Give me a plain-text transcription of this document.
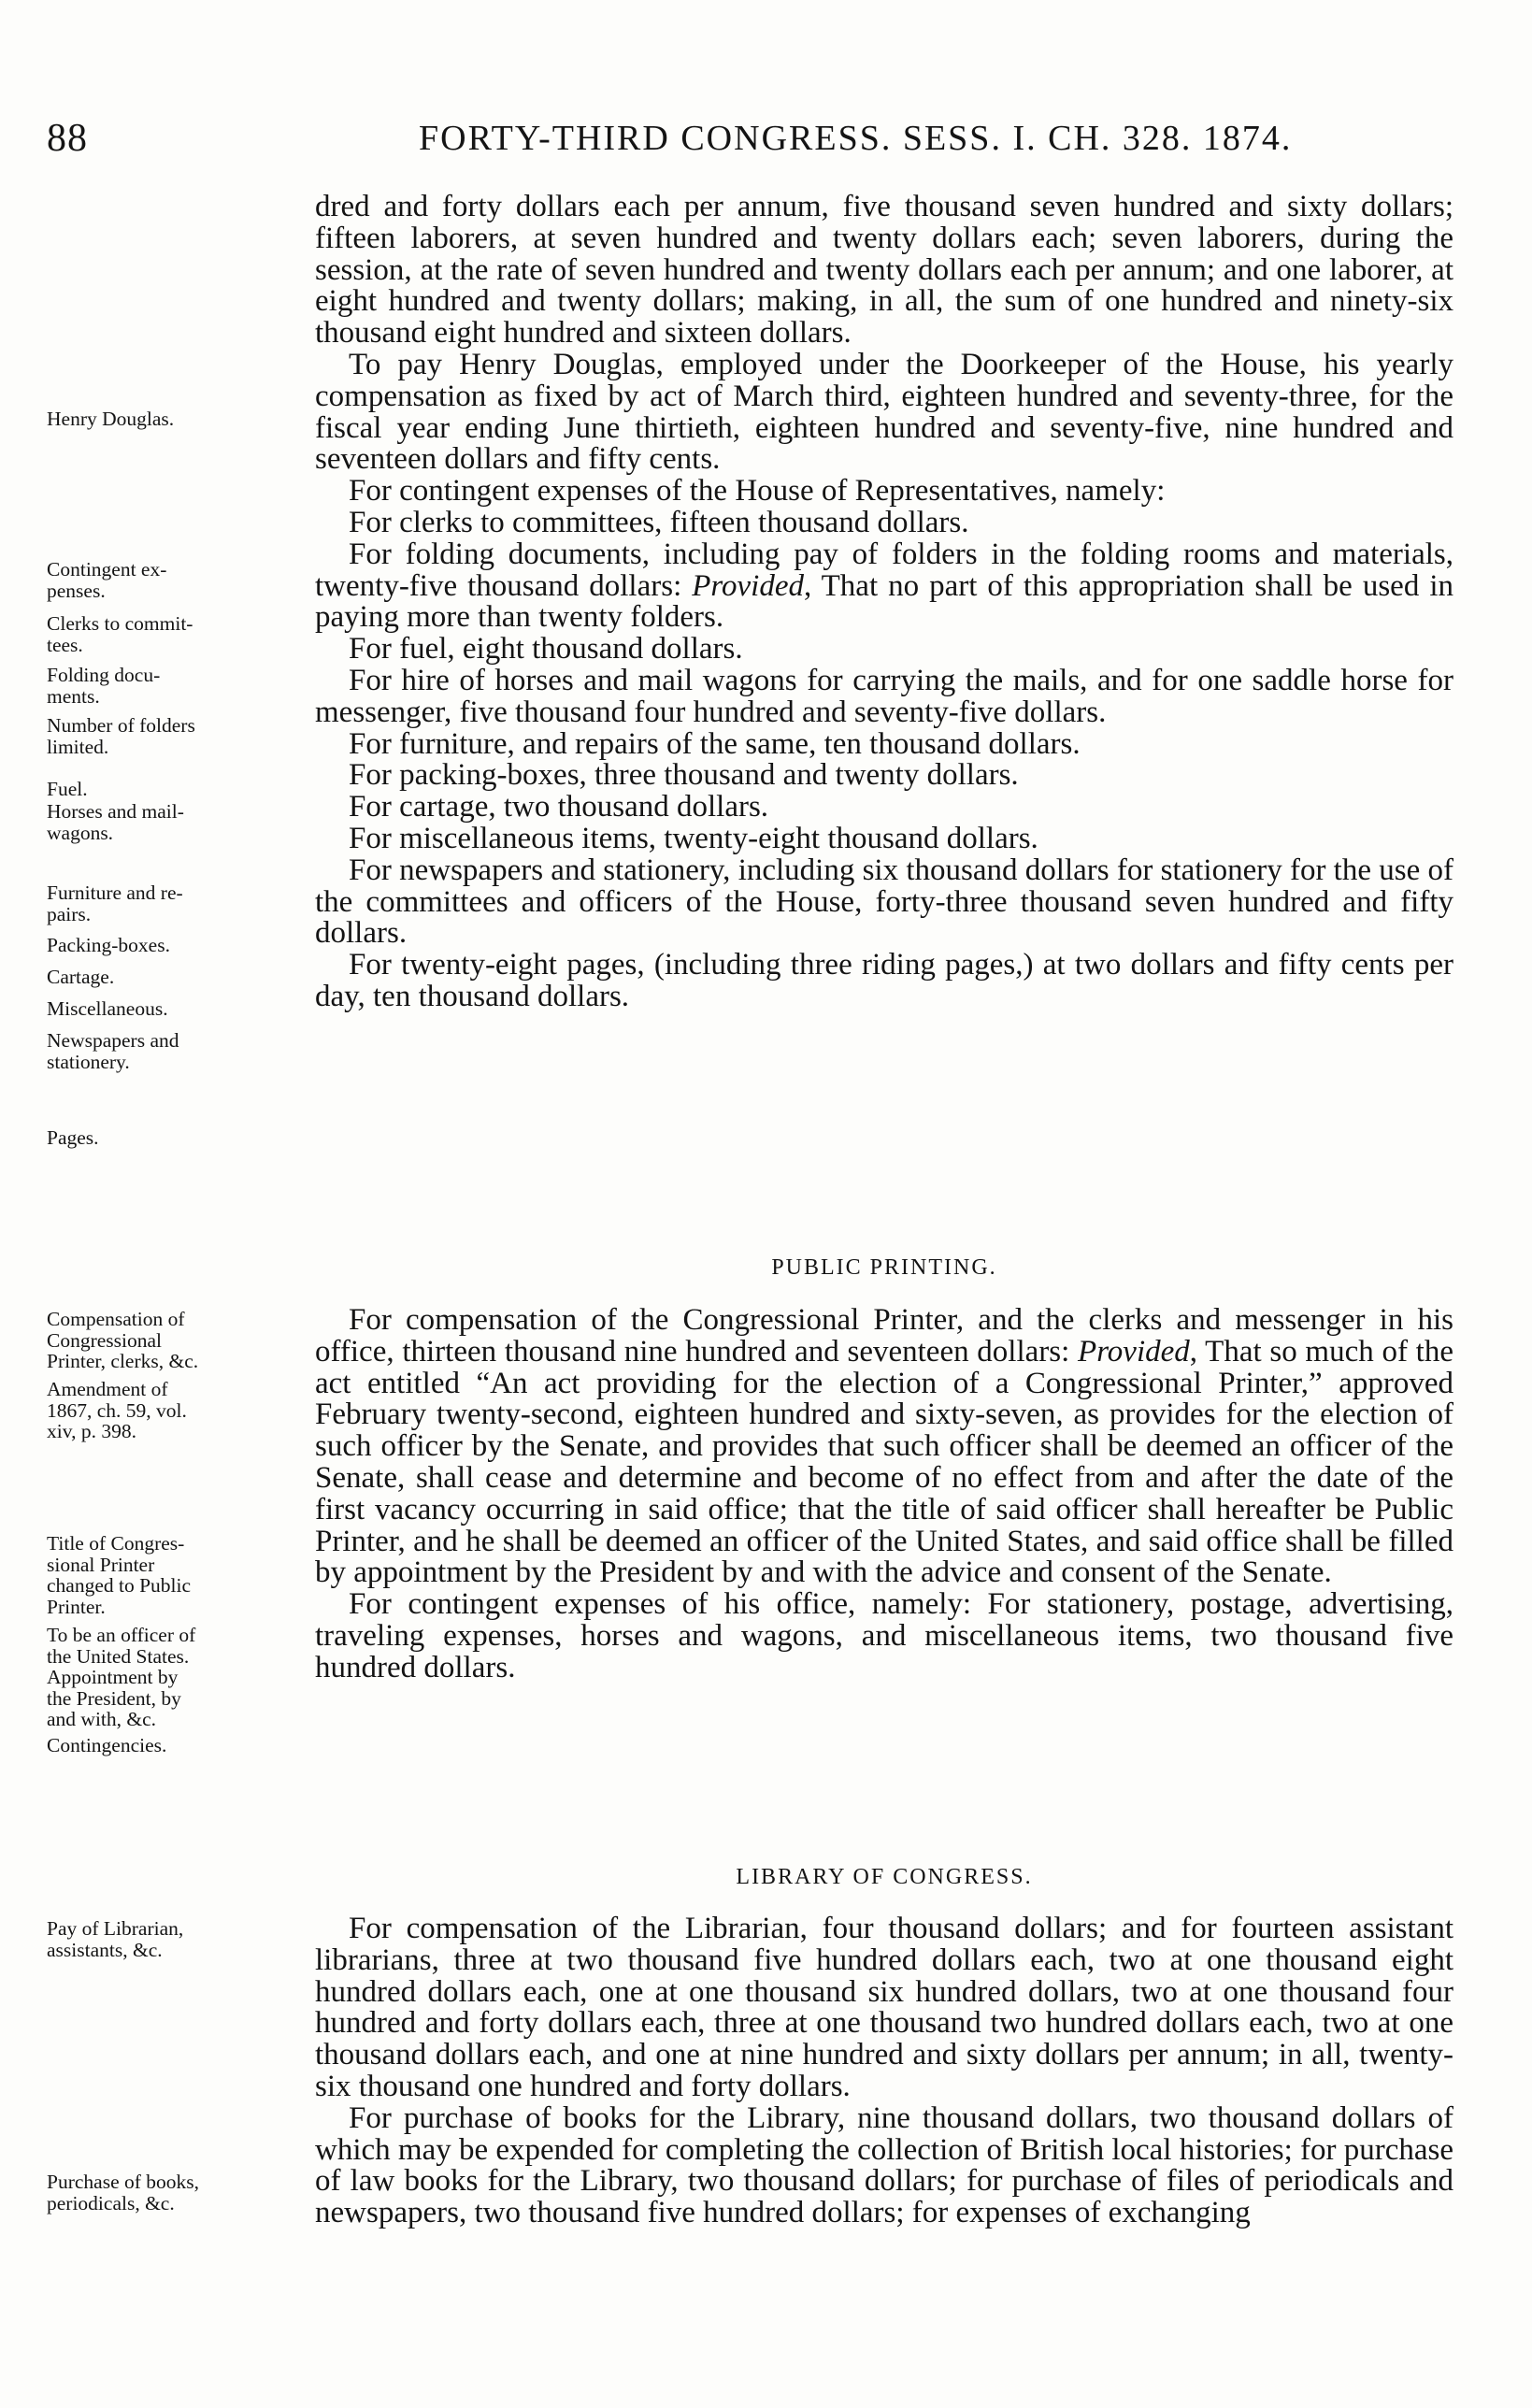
88	FORTY-THIRD CONGRESS. SESS. I. CH. 328. 1874.

dred and forty dollars each per annum, five thousand seven hundred and sixty dollars; fifteen laborers, at seven hundred and twenty dollars each; seven laborers, during the session, at the rate of seven hundred and twenty dollars each per annum; and one laborer, at eight hundred and twenty dollars; making, in all, the sum of one hundred and ninety-six thousand eight hundred and sixteen dollars.

To pay Henry Douglas, employed under the Doorkeeper of the House, his yearly compensation as fixed by act of March third, eighteen hundred and seventy-three, for the fiscal year ending June thirtieth, eighteen hundred and seventy-five, nine hundred and seventeen dollars and fifty cents.

For contingent expenses of the House of Representatives, namely:

For clerks to committees, fifteen thousand dollars.

For folding documents, including pay of folders in the folding rooms and materials, twenty-five thousand dollars: Provided, That no part of this appropriation shall be used in paying more than twenty folders.

For fuel, eight thousand dollars.

For hire of horses and mail wagons for carrying the mails, and for one saddle horse for messenger, five thousand four hundred and seventy-five dollars.

For furniture, and repairs of the same, ten thousand dollars.

For packing-boxes, three thousand and twenty dollars.

For cartage, two thousand dollars.

For miscellaneous items, twenty-eight thousand dollars.

For newspapers and stationery, including six thousand dollars for stationery for the use of the committees and officers of the House, forty-three thousand seven hundred and fifty dollars.

For twenty-eight pages, (including three riding pages,) at two dollars and fifty cents per day, ten thousand dollars.

PUBLIC PRINTING.

For compensation of the Congressional Printer, and the clerks and messenger in his office, thirteen thousand nine hundred and seventeen dollars: Provided, That so much of the act entitled “An act providing for the election of a Congressional Printer,” approved February twenty-second, eighteen hundred and sixty-seven, as provides for the election of such officer by the Senate, and provides that such officer shall be deemed an officer of the Senate, shall cease and determine and become of no effect from and after the date of the first vacancy occurring in said office; that the title of said officer shall hereafter be Public Printer, and he shall be deemed an officer of the United States, and said office shall be filled by appointment by the President by and with the advice and consent of the Senate.

For contingent expenses of his office, namely: For stationery, postage, advertising, traveling expenses, horses and wagons, and miscellaneous items, two thousand five hundred dollars.

LIBRARY OF CONGRESS.

For compensation of the Librarian, four thousand dollars; and for fourteen assistant librarians, three at two thousand five hundred dollars each, two at one thousand eight hundred dollars each, one at one thousand six hundred dollars, two at one thousand four hundred and forty dollars each, three at one thousand two hundred dollars each, two at one thousand dollars each, and one at nine hundred and sixty dollars per annum; in all, twenty-six thousand one hundred and forty dollars.

For purchase of books for the Library, nine thousand dollars, two thousand dollars of which may be expended for completing the collection of British local histories; for purchase of law books for the Library, two thousand dollars; for purchase of files of periodicals and newspapers, two thousand five hundred dollars; for expenses of exchanging

Henry Douglas.
Contingent ex-
penses.
Clerks to commit-
tees.
Folding docu-
ments.
Number of folders
limited.
Fuel.
Horses and mail-
wagons.
Furniture and re-
pairs.
Packing-boxes.
Cartage.
Miscellaneous.
Newspapers and
stationery.
Pages.
Compensation of
Congressional
Printer, clerks, &c.
Amendment of
1867, ch. 59, vol.
xiv, p. 398.
Title of Congres-
sional Printer
changed to Public
Printer.
To be an officer of
the United States.
Appointment by
the President, by
and with, &c.
Contingencies.
Pay of Librarian,
assistants, &c.
Purchase of books,
periodicals, &c.
